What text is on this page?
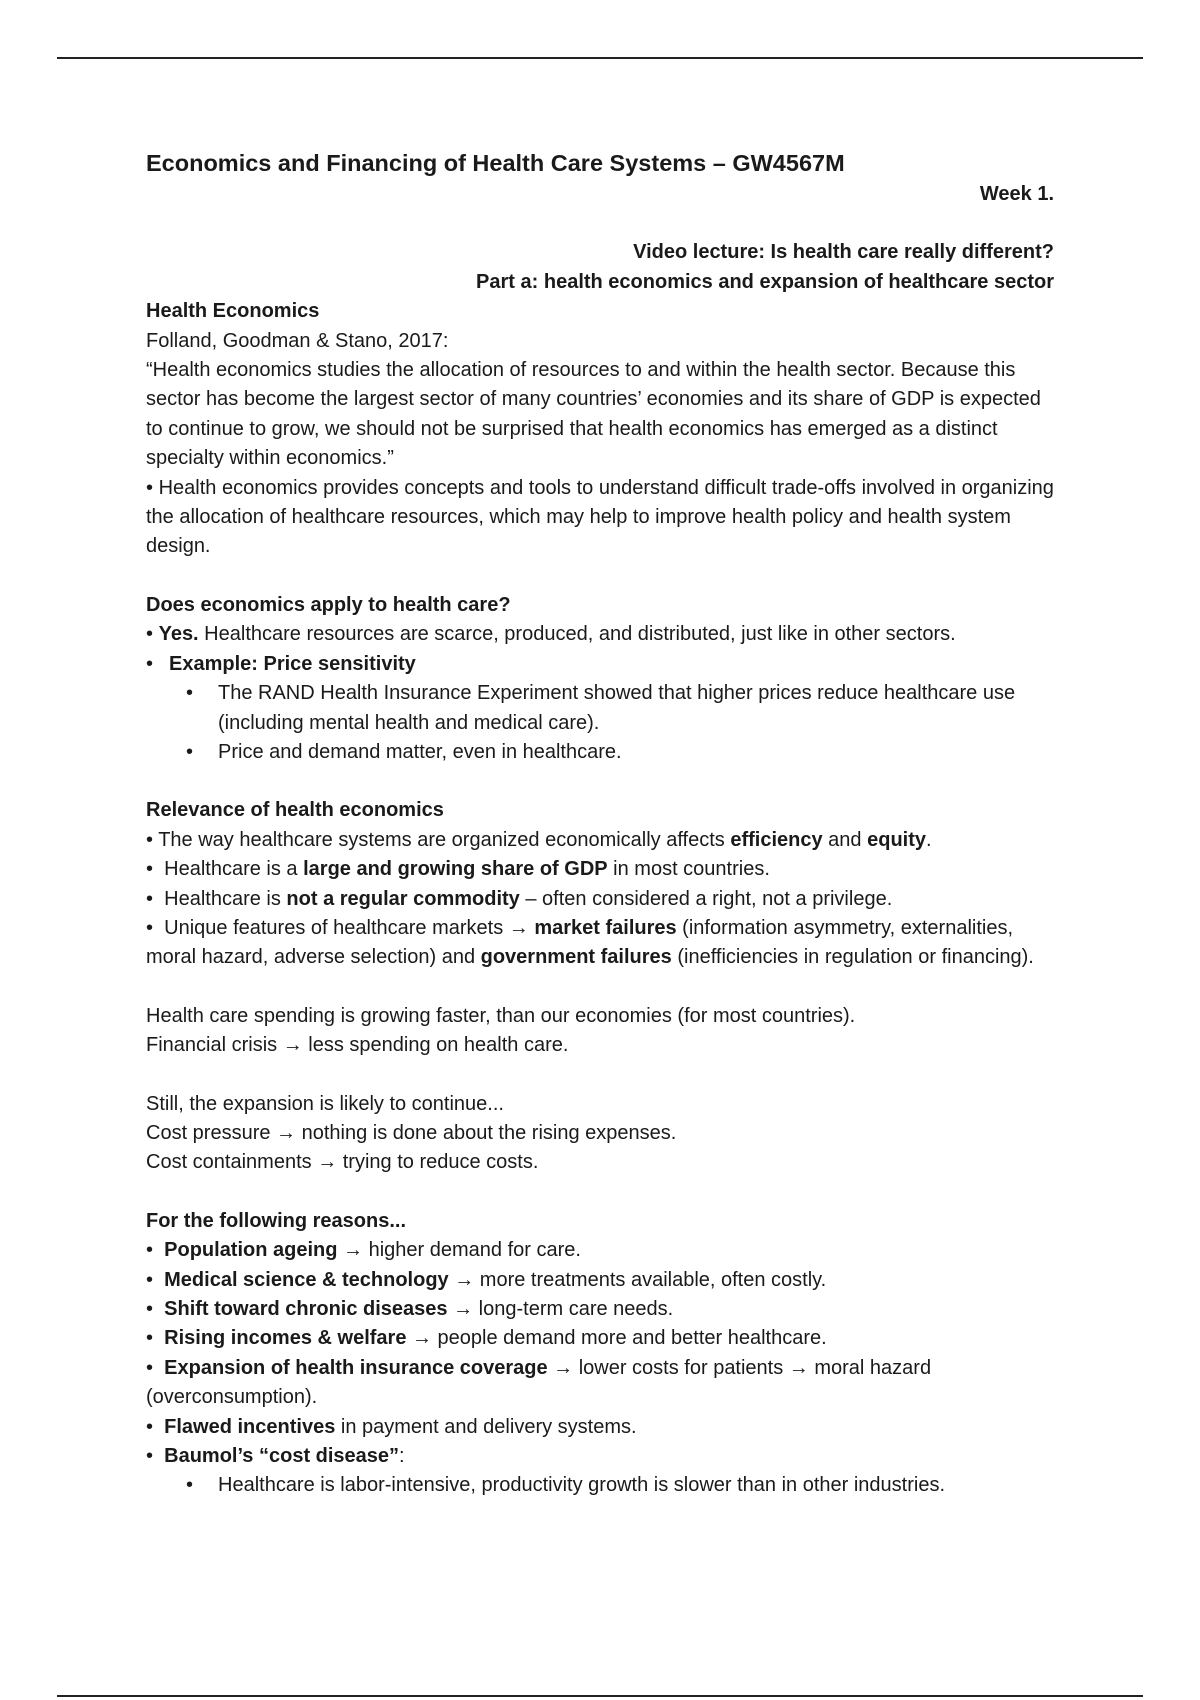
Economics and Financing of Health Care Systems – GW4567M

Week 1.

Video lecture: Is health care really different?

Part a: health economics and expansion of healthcare sector

Health Economics

Folland, Goodman & Stano, 2017:

“Health economics studies the allocation of resources to and within the health sector. Because this sector has become the largest sector of many countries’ economies and its share of GDP is expected to continue to grow, we should not be surprised that health economics has emerged as a distinct specialty within economics.”

• Health economics provides concepts and tools to understand difficult trade-offs involved in organizing the allocation of healthcare resources, which may help to improve health policy and health system design.

Does economics apply to health care?

• Yes. Healthcare resources are scarce, produced, and distributed, just like in other sectors.
• Example: Price sensitivity
• The RAND Health Insurance Experiment showed that higher prices reduce healthcare use (including mental health and medical care).
• Price and demand matter, even in healthcare.

Relevance of health economics

• The way healthcare systems are organized economically affects efficiency and equity.

• Healthcare is a large and growing share of GDP in most countries.

• Healthcare is not a regular commodity – often considered a right, not a privilege.

• Unique features of healthcare markets → market failures (information asymmetry, externalities, moral hazard, adverse selection) and government failures (inefficiencies in regulation or financing).

Health care spending is growing faster, than our economies (for most countries).

Financial crisis → less spending on health care.

Still, the expansion is likely to continue...

Cost pressure → nothing is done about the rising expenses.

Cost containments → trying to reduce costs.

For the following reasons...

• Population ageing → higher demand for care.

• Medical science & technology → more treatments available, often costly.

• Shift toward chronic diseases → long-term care needs.

• Rising incomes & welfare → people demand more and better healthcare.

• Expansion of health insurance coverage → lower costs for patients → moral hazard (overconsumption).

• Flawed incentives in payment and delivery systems.

• Baumol’s “cost disease”:

• Healthcare is labor-intensive, productivity growth is slower than in other industries.
